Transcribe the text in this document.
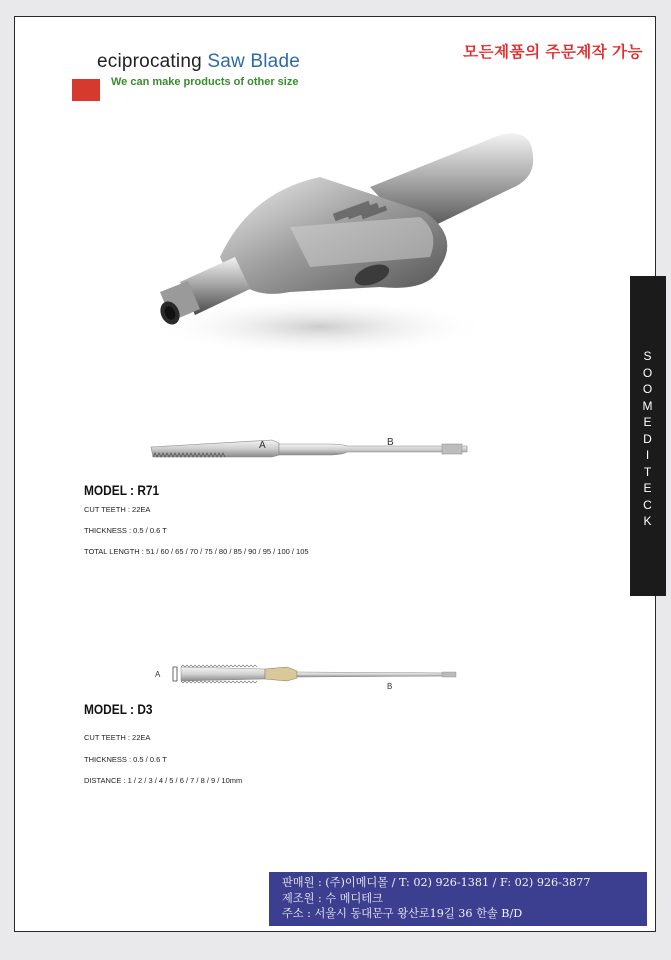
eciprocating Saw Blade
We can make products of other size
모든제품의 주문제작 가능
S
O
O
M
E
D
I
T
E
C
K
A	B
MODEL : R71
CUT TEETH : 22EA
THICKNESS : 0.5 / 0.6 T
TOTAL LENGTH : 51 / 60 / 65 / 70 / 75 / 80 / 85 / 90 / 95 / 100 / 105
A
B
MODEL : D3
CUT TEETH : 22EA
THICKNESS : 0.5 / 0.6 T
DISTANCE : 1 / 2 / 3 / 4 / 5 / 6 / 7 / 8 / 9 / 10mm
판매원 : (주)이메디몰 / T: 02) 926-1381 / F: 02) 926-3877
제조원 : 수 메디테크
주소 : 서울시 동대문구 왕산로19길 36 한솔 B/D
